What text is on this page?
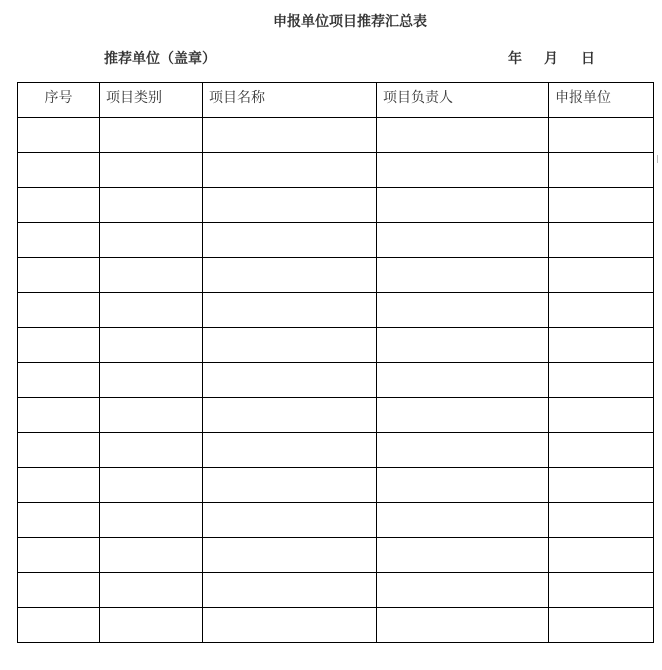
申报单位项目推荐汇总表
推荐单位（盖章）	年 月 日
序号	项目类别	项目名称	项目负责人	申报单位
